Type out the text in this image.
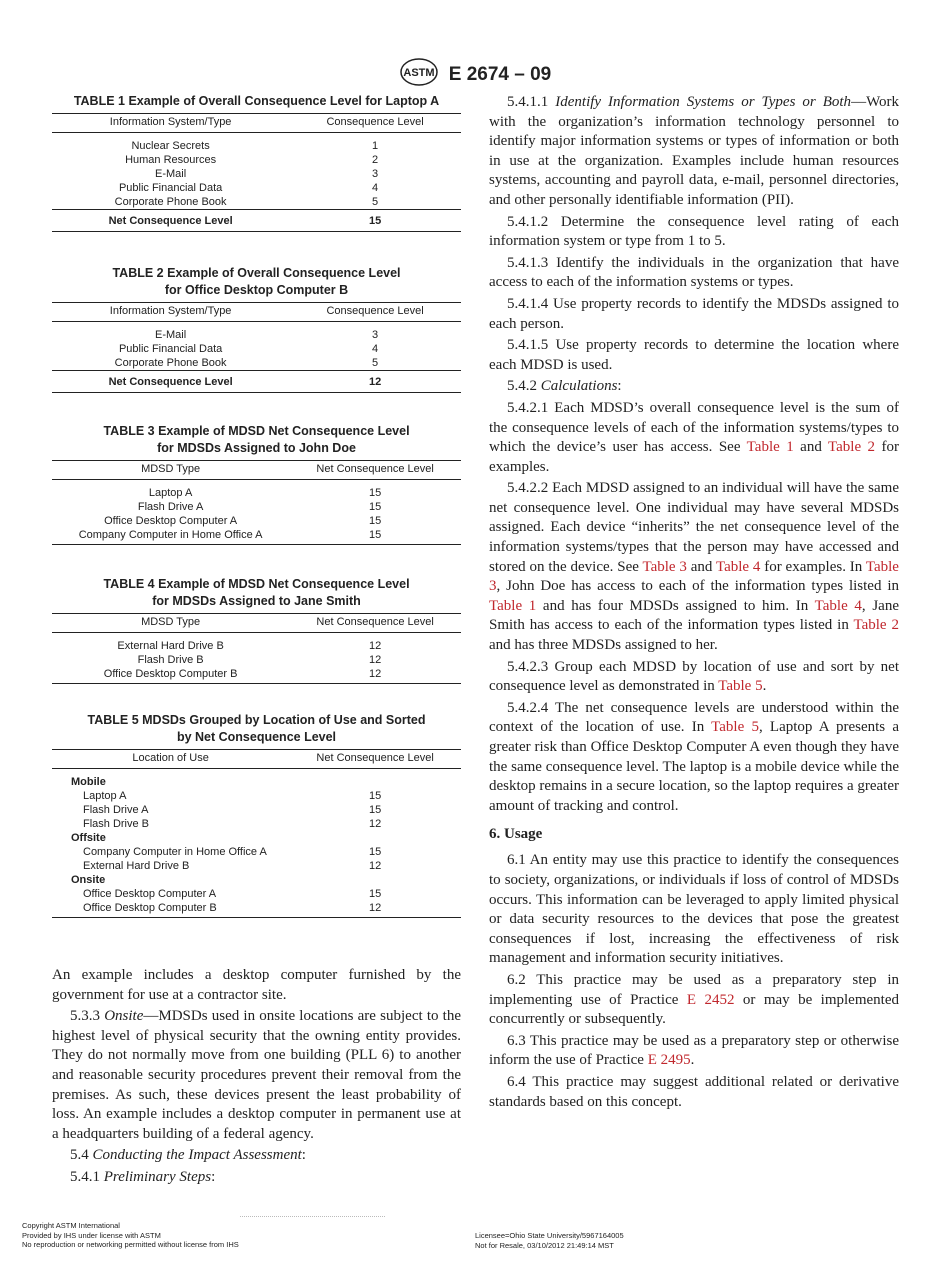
ASTM E 2674 – 09
TABLE 1 Example of Overall Consequence Level for Laptop A
Information System/Type	Consequence Level
Nuclear Secrets	1
Human Resources	2
E-Mail	3
Public Financial Data	4
Corporate Phone Book	5
Net Consequence Level	15
TABLE 2 Example of Overall Consequence Level
for Office Desktop Computer B
Information System/Type	Consequence Level
E-Mail	3
Public Financial Data	4
Corporate Phone Book	5
Net Consequence Level	12
TABLE 3 Example of MDSD Net Consequence Level
for MDSDs Assigned to John Doe
MDSD Type	Net Consequence Level
Laptop A	15
Flash Drive A	15
Office Desktop Computer A	15
Company Computer in Home Office A	15
TABLE 4 Example of MDSD Net Consequence Level
for MDSDs Assigned to Jane Smith
MDSD Type	Net Consequence Level
External Hard Drive B	12
Flash Drive B	12
Office Desktop Computer B	12
TABLE 5 MDSDs Grouped by Location of Use and Sorted
by Net Consequence Level
Location of Use	Net Consequence Level
Mobile	
Laptop A	15
Flash Drive A	15
Flash Drive B	12
Offsite	
Company Computer in Home Office A	15
External Hard Drive B	12
Onsite	
Office Desktop Computer A	15
Office Desktop Computer B	12

An example includes a desktop computer furnished by the government for use at a contractor site.

5.3.3 Onsite—MDSDs used in onsite locations are subject to the highest level of physical security that the owning entity provides. They do not normally move from one building (PLL 6) to another and reasonable security procedures prevent their removal from the premises. As such, these devices present the least probability of loss. An example includes a desktop computer in permanent use at a headquarters building of a federal agency.

5.4 Conducting the Impact Assessment:

5.4.1 Preliminary Steps:

5.4.1.1 Identify Information Systems or Types or Both—Work with the organization’s information technology personnel to identify major information systems or types of information or both in use at the organization. Examples include human resources systems, accounting and payroll data, e-mail, personnel directories, and other personally identifiable information (PII).

5.4.1.2 Determine the consequence level rating of each information system or type from 1 to 5.

5.4.1.3 Identify the individuals in the organization that have access to each of the information systems or types.

5.4.1.4 Use property records to identify the MDSDs assigned to each person.

5.4.1.5 Use property records to determine the location where each MDSD is used.

5.4.2 Calculations:

5.4.2.1 Each MDSD’s overall consequence level is the sum of the consequence levels of each of the information systems/types to which the device’s user has access. See Table 1 and Table 2 for examples.

5.4.2.2 Each MDSD assigned to an individual will have the same net consequence level. One individual may have several MDSDs assigned. Each device “inherits” the net consequence level of the information systems/types that the person may have accessed and stored on the device. See Table 3 and Table 4 for examples. In Table 3, John Doe has access to each of the information types listed in Table 1 and has four MDSDs assigned to him. In Table 4, Jane Smith has access to each of the information types listed in Table 2 and has three MDSDs assigned to her.

5.4.2.3 Group each MDSD by location of use and sort by net consequence level as demonstrated in Table 5.

5.4.2.4 The net consequence levels are understood within the context of the location of use. In Table 5, Laptop A presents a greater risk than Office Desktop Computer A even though they have the same consequence level. The laptop is a mobile device while the desktop remains in a secure location, so the laptop requires a greater amount of tracking and control.

6. Usage

6.1 An entity may use this practice to identify the consequences to society, organizations, or individuals if loss of control of MDSDs occurs. This information can be leveraged to apply limited physical or data security resources to the devices that pose the greatest consequences if lost, increasing the effectiveness of risk management and information security initiatives.

6.2 This practice may be used as a preparatory step in implementing use of Practice E 2452 or may be implemented concurrently or subsequently.

6.3 This practice may be used as a preparatory step or otherwise inform the use of Practice E 2495.

6.4 This practice may suggest additional related or derivative standards based on this concept.

Copyright ASTM International
Provided by IHS under license with ASTM
No reproduction or networking permitted without license from IHS
Licensee=Ohio State University/5967164005
Not for Resale, 03/10/2012 21:49:14 MST
